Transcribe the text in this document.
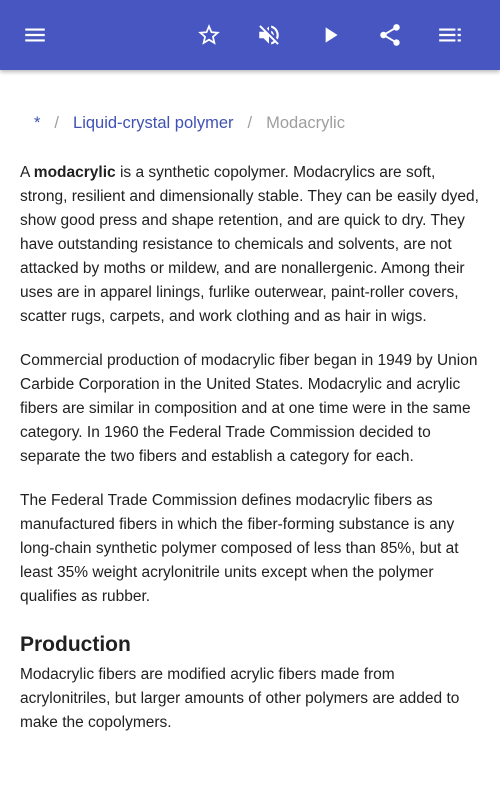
* / Liquid-crystal polymer / Modacrylic

A modacrylic is a synthetic copolymer. Modacrylics are soft, strong, resilient and dimensionally stable. They can be easily dyed, show good press and shape retention, and are quick to dry. They have outstanding resistance to chemicals and solvents, are not attacked by moths or mildew, and are nonallergenic. Among their uses are in apparel linings, furlike outerwear, paint-roller covers, scatter rugs, carpets, and work clothing and as hair in wigs.

Commercial production of modacrylic fiber began in 1949 by Union Carbide Corporation in the United States. Modacrylic and acrylic fibers are similar in composition and at one time were in the same category. In 1960 the Federal Trade Commission decided to separate the two fibers and establish a category for each.

The Federal Trade Commission defines modacrylic fibers as manufactured fibers in which the fiber-forming substance is any long-chain synthetic polymer composed of less than 85%, but at least 35% weight acrylonitrile units except when the polymer qualifies as rubber.

Production

Modacrylic fibers are modified acrylic fibers made from acrylonitriles, but larger amounts of other polymers are added to make the copolymers.
